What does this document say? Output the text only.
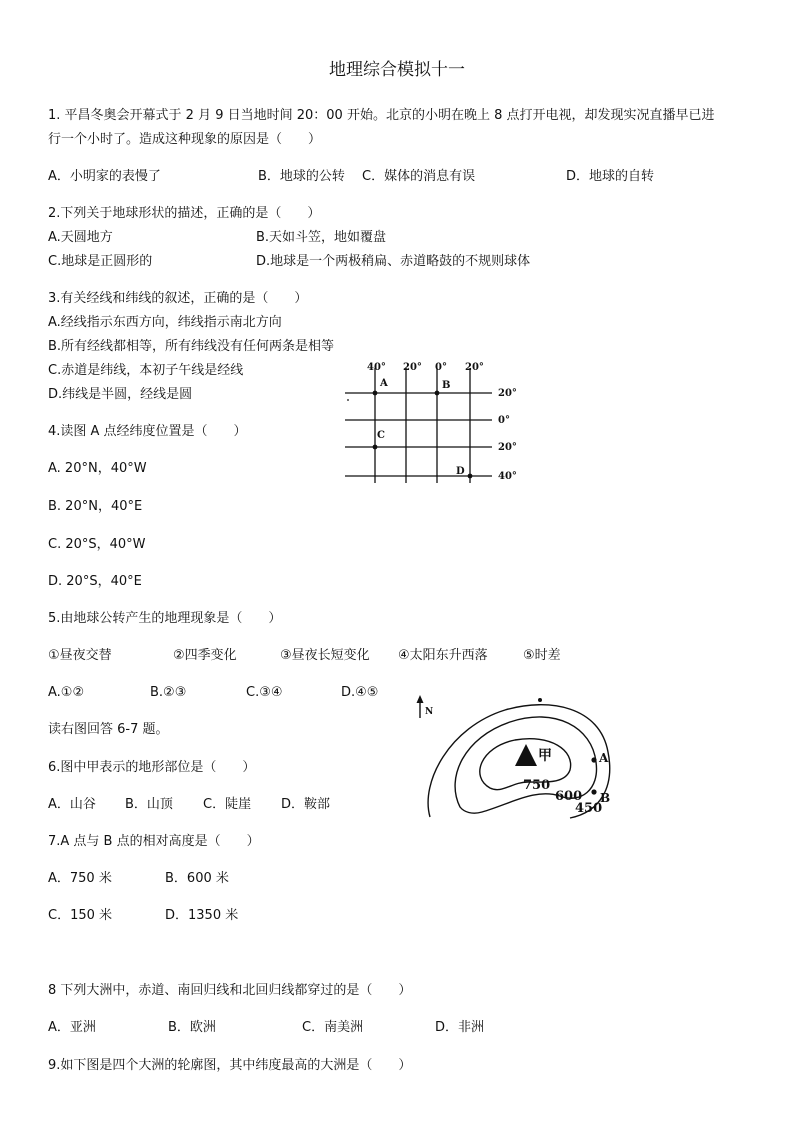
地理综合模拟十一
1. 平昌冬奥会开幕式于 2 月 9 日当地时间 20：00 开始。北京的小明在晚上 8 点打开电视，却发现实况直播早已进
行一个小时了。造成这种现象的原因是（　　）
A．小明家的表慢了	B．地球的公转 C．媒体的消息有误	D．地球的自转
2.下列关于地球形状的描述，正确的是（　　）
A.天圆地方	B.天如斗笠，地如覆盘
C.地球是正圆形的	D.地球是一个两极稍扁、赤道略鼓的不规则球体
3.有关经线和纬线的叙述，正确的是（　　）
A.经线指示东西方向，纬线指示南北方向
B.所有经线都相等，所有纬线没有任何两条是相等
C.赤道是纬线，本初子午线是经线
D.纬线是半圆，经线是圆
40° 20° 0° 20°
20°
0°
20°
40°
A	B
C
D
4.读图 A 点经纬度位置是（　　）
A. 20°N，40°W
B. 20°N，40°E
C. 20°S，40°W
D. 20°S，40°E
5.由地球公转产生的地理现象是（　　）
①昼夜交替	②四季变化	③昼夜长短变化 ④太阳东升西落	⑤时差
A.①②	B.②③	C.③④	D.④⑤
读右图回答 6-7 题。
N
甲	A
B
750
600
450
6.图中甲表示的地形部位是（　　）
A．山谷 B．山顶 C．陡崖 D．鞍部
7.A 点与 B 点的相对高度是（　　）
A．750 米	B．600 米
C．150 米	D．1350 米
8 下列大洲中，赤道、南回归线和北回归线都穿过的是（　　）
A．亚洲	B．欧洲	C．南美洲	D．非洲
9.如下图是四个大洲的轮廓图，其中纬度最高的大洲是（　　）
